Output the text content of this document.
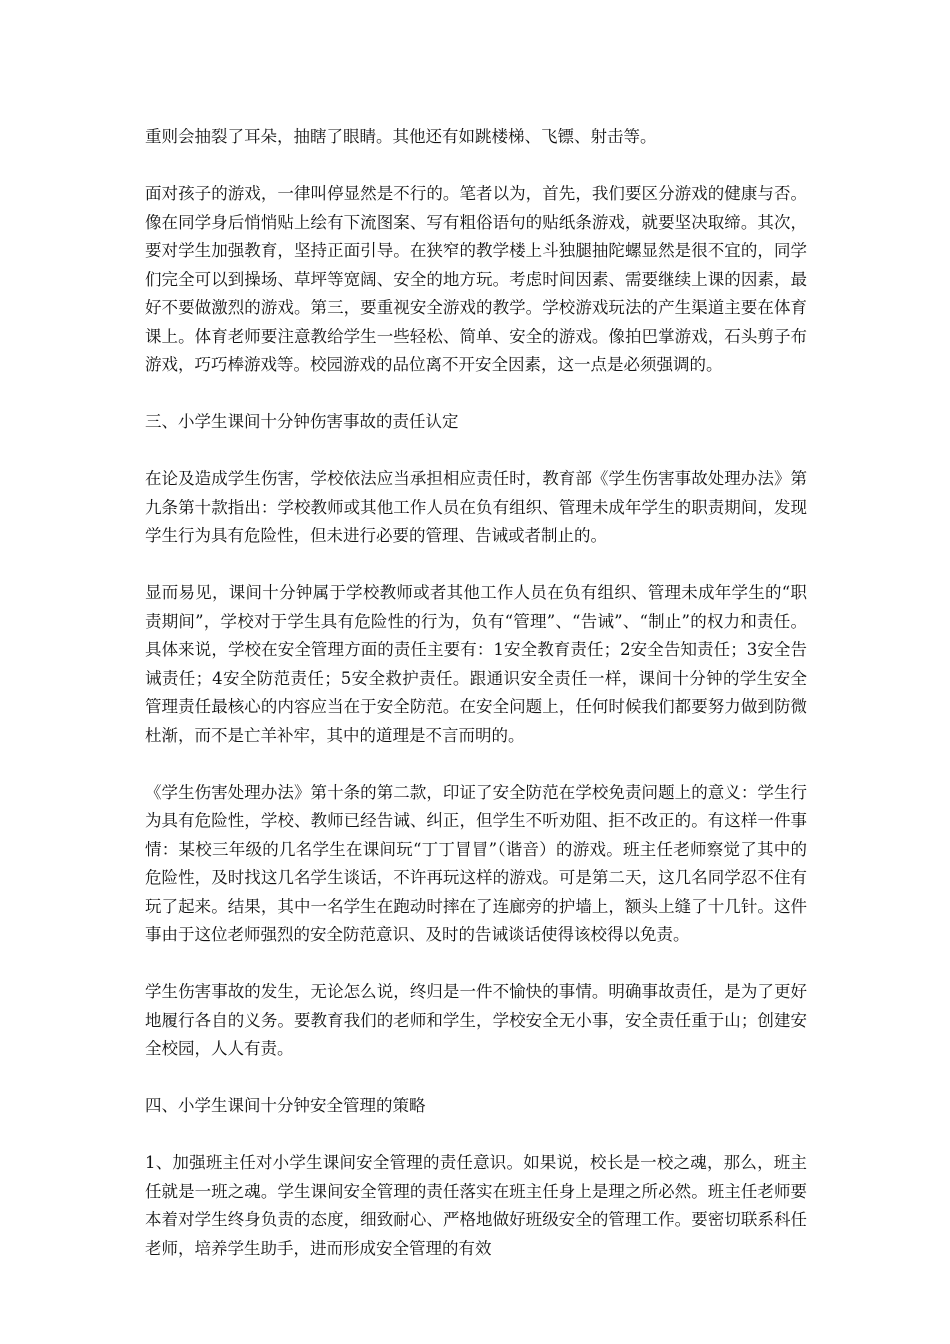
重则会抽裂了耳朵，抽瞎了眼睛。其他还有如跳楼梯、飞镖、射击等。

面对孩子的游戏，一律叫停显然是不行的。笔者以为，首先，我们要区分游戏的健康与否。像在同学身后悄悄贴上绘有下流图案、写有粗俗语句的贴纸条游戏，就要坚决取缔。其次，要对学生加强教育，坚持正面引导。在狭窄的教学楼上斗独腿抽陀螺显然是很不宜的，同学们完全可以到操场、草坪等宽阔、安全的地方玩。考虑时间因素、需要继续上课的因素，最好不要做激烈的游戏。第三，要重视安全游戏的教学。学校游戏玩法的产生渠道主要在体育课上。体育老师要注意教给学生一些轻松、简单、安全的游戏。像拍巴掌游戏，石头剪子布游戏，巧巧棒游戏等。校园游戏的品位离不开安全因素，这一点是必须强调的。

三、小学生课间十分钟伤害事故的责任认定

在论及造成学生伤害，学校依法应当承担相应责任时，教育部《学生伤害事故处理办法》第九条第十款指出：学校教师或其他工作人员在负有组织、管理未成年学生的职责期间，发现学生行为具有危险性，但未进行必要的管理、告诫或者制止的。

显而易见，课间十分钟属于学校教师或者其他工作人员在负有组织、管理未成年学生的“职责期间”，学校对于学生具有危险性的行为，负有“管理”、“告诫”、“制止”的权力和责任。具体来说，学校在安全管理方面的责任主要有：1安全教育责任；2安全告知责任；3安全告诫责任；4安全防范责任；5安全救护责任。跟通识安全责任一样，课间十分钟的学生安全管理责任最核心的内容应当在于安全防范。在安全问题上，任何时候我们都要努力做到防微杜渐，而不是亡羊补牢，其中的道理是不言而明的。

《学生伤害处理办法》第十条的第二款，印证了安全防范在学校免责问题上的意义：学生行为具有危险性，学校、教师已经告诫、纠正，但学生不听劝阻、拒不改正的。有这样一件事情：某校三年级的几名学生在课间玩“丁丁冒冒”（谐音）的游戏。班主任老师察觉了其中的危险性，及时找这几名学生谈话，不许再玩这样的游戏。可是第二天，这几名同学忍不住有玩了起来。结果，其中一名学生在跑动时摔在了连廊旁的护墙上，额头上缝了十几针。这件事由于这位老师强烈的安全防范意识、及时的告诫谈话使得该校得以免责。

学生伤害事故的发生，无论怎么说，终归是一件不愉快的事情。明确事故责任，是为了更好地履行各自的义务。要教育我们的老师和学生，学校安全无小事，安全责任重于山；创建安全校园，人人有责。

四、小学生课间十分钟安全管理的策略

1、加强班主任对小学生课间安全管理的责任意识。如果说，校长是一校之魂，那么，班主任就是一班之魂。学生课间安全管理的责任落实在班主任身上是理之所必然。班主任老师要本着对学生终身负责的态度，细致耐心、严格地做好班级安全的管理工作。要密切联系科任老师，培养学生助手，进而形成安全管理的有效
